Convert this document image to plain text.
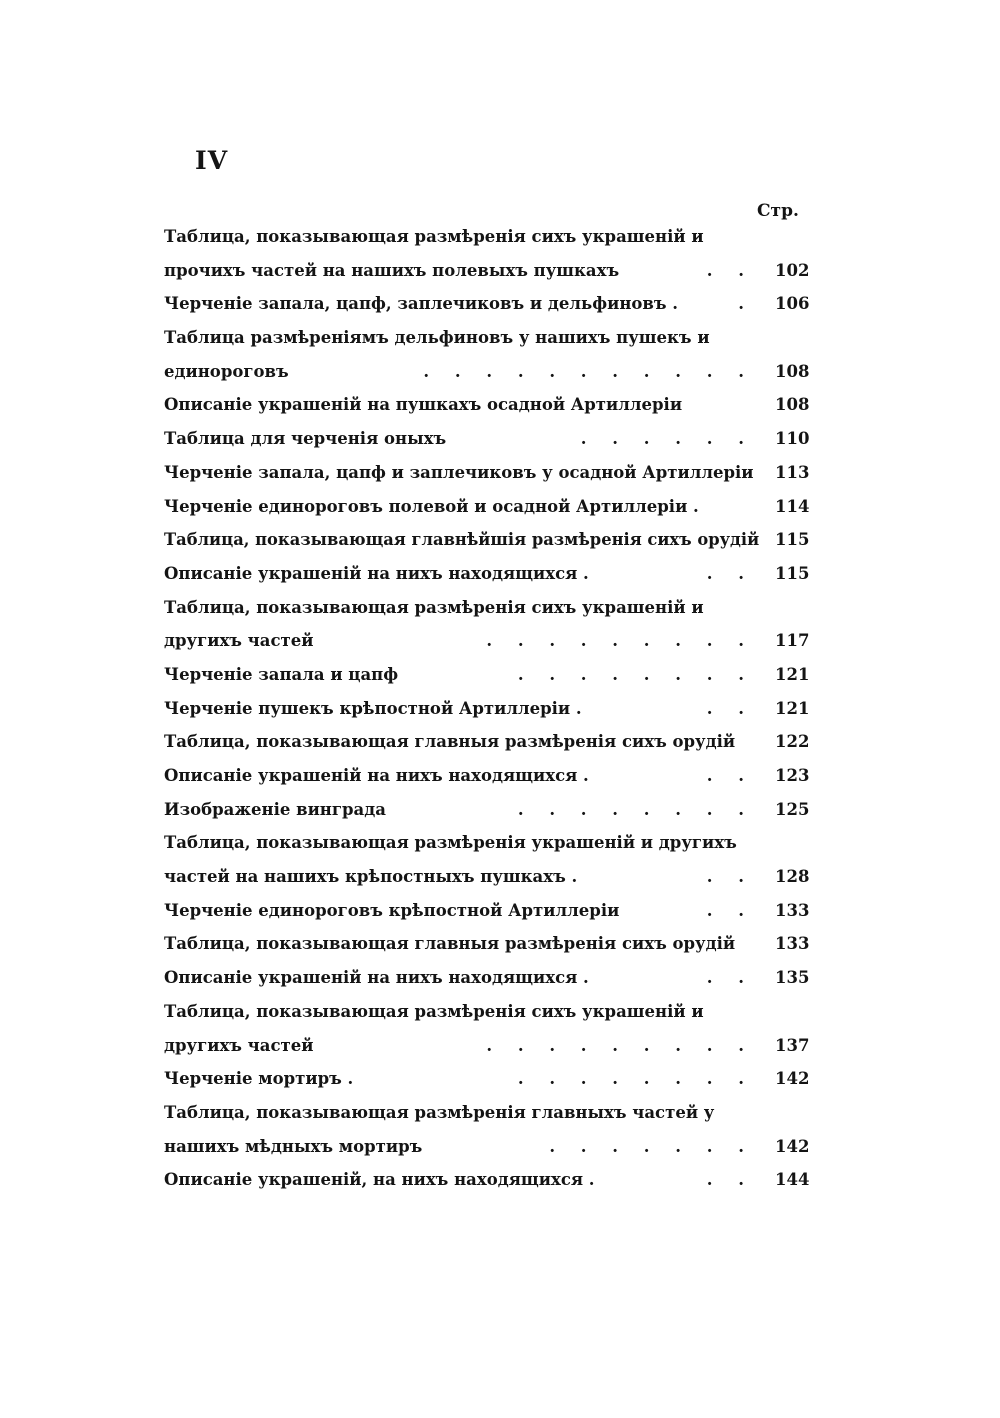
IV
Стр.
Таблица, показывающая размѣренія сихъ украшеній и
прочихъ частей на нашихъ полевыхъ пушкахъ	. . 102
Черченіе запала, цапф, заплечиковъ и дельфиновъ .	. 106
Таблица размѣреніямъ дельфиновъ у нашихъ пушекъ и
единороговъ	. . . . . . . . . . . 108
Описаніе украшеній на пушкахъ осадной Артиллеріи	108
Таблица для черченія оныхъ	. . . . . . 110
Черченіе запала, цапф и заплечиковъ у осадной Артиллеріи 113
Черченіе единороговъ полевой и осадной Артиллеріи .	114
Таблица, показывающая главнѣйшія размѣренія сихъ орудій 115
Описаніе украшеній на нихъ находящихся .	. . 115
Таблица, показывающая размѣренія сихъ украшеній и
другихъ частей	. . . . . . . . . 117
Черченіе запала и цапф	. . . . . . . . 121
Черченіе пушекъ крѣпостной Артиллеріи .	. . 121
Таблица, показывающая главныя размѣренія сихъ орудій 122
Описаніе украшеній на нихъ находящихся .	. . 123
Изображеніе винграда	. . . . . . . . 125
Таблица, показывающая размѣренія украшеній и другихъ
частей на нашихъ крѣпостныхъ пушкахъ .	. . 128
Черченіе единороговъ крѣпостной Артиллеріи	. . 133
Таблица, показывающая главныя размѣренія сихъ орудій 133
Описаніе украшеній на нихъ находящихся .	. . 135
Таблица, показывающая размѣренія сихъ украшеній и
другихъ частей	. . . . . . . . . 137
Черченіе мортиръ .	. . . . . . . . 142
Таблица, показывающая размѣренія главныхъ частей у
нашихъ мѣдныхъ мортиръ	. . . . . . . 142
Описаніе украшеній, на нихъ находящихся .	. . 144
